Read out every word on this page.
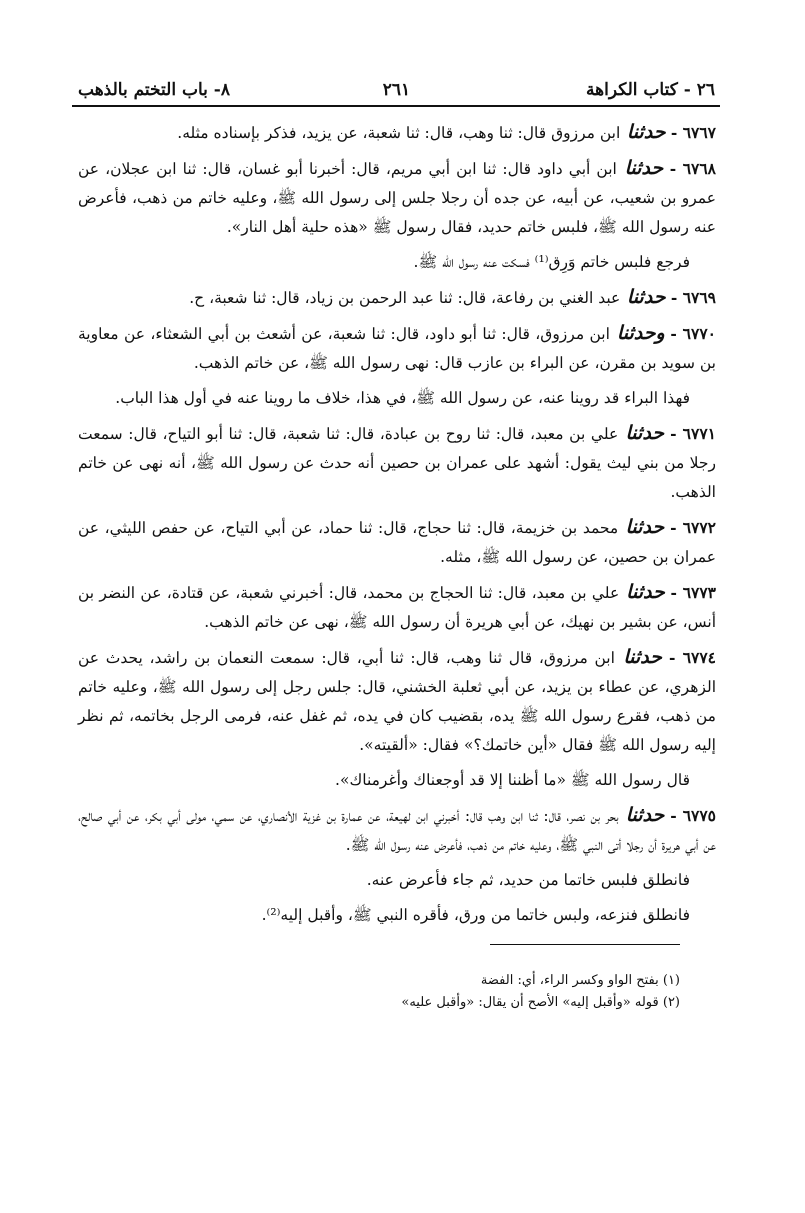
٢٦ - كتاب الكراهة
٢٦١
٨- باب التختم بالذهب

٦٧٦٧ - حدثنا ابن مرزوق قال: ثنا وهب، قال: ثنا شعبة، عن يزيد، فذكر بإسناده مثله.

٦٧٦٨ - حدثنا ابن أبي داود قال: ثنا ابن أبي مريم، قال: أخبرنا أبو غسان، قال: ثنا ابن عجلان، عن عمرو بن شعيب، عن أبيه، عن جده أن رجلا جلس إلى رسول الله ﷺ، وعليه خاتم من ذهب، فأعرض عنه رسول الله ﷺ، فلبس خاتم حديد، فقال رسول ﷺ «هذه حلية أهل النار».

فرجع فلبس خاتم وَرِق⁽¹⁾ فسكت عنه رسول الله ﷺ.

٦٧٦٩ - حدثنا عبد الغني بن رفاعة، قال: ثنا عبد الرحمن بن زياد، قال: ثنا شعبة، ح.

٦٧٧٠ - وحدثنا ابن مرزوق، قال: ثنا أبو داود، قال: ثنا شعبة، عن أشعث بن أبي الشعثاء، عن معاوية بن سويد بن مقرن، عن البراء بن عازب قال: نهى رسول الله ﷺ، عن خاتم الذهب.

فهذا البراء قد روينا عنه، عن رسول الله ﷺ، في هذا، خلاف ما روينا عنه في أول هذا الباب.

٦٧٧١ - حدثنا علي بن معبد، قال: ثنا روح بن عبادة، قال: ثنا شعبة، قال: ثنا أبو التياح، قال: سمعت رجلا من بني ليث يقول: أشهد على عمران بن حصين أنه حدث عن رسول الله ﷺ، أنه نهى عن خاتم الذهب.

٦٧٧٢ - حدثنا محمد بن خزيمة، قال: ثنا حجاج، قال: ثنا حماد، عن أبي التياح، عن حفص الليثي، عن عمران بن حصين، عن رسول الله ﷺ، مثله.

٦٧٧٣ - حدثنا علي بن معبد، قال: ثنا الحجاج بن محمد، قال: أخبرني شعبة، عن قتادة، عن النضر بن أنس، عن بشير بن نهيك، عن أبي هريرة أن رسول الله ﷺ، نهى عن خاتم الذهب.

٦٧٧٤ - حدثنا ابن مرزوق، قال ثنا وهب، قال: ثنا أبي، قال: سمعت النعمان بن راشد، يحدث عن الزهري، عن عطاء بن يزيد، عن أبي ثعلبة الخشني، قال: جلس رجل إلى رسول الله ﷺ، وعليه خاتم من ذهب، فقرع رسول الله ﷺ يده، بقضيب كان في يده، ثم غفل عنه، فرمى الرجل بخاتمه، ثم نظر إليه رسول الله ﷺ فقال «أين خاتمك؟» فقال: «ألقيته».

قال رسول الله ﷺ «ما أظننا إلا قد أوجعناك وأغرمناك».

٦٧٧٥ - حدثنا بحر بن نصر، قال: ثنا ابن وهب قال: أخبرني ابن لهيعة، عن عمارة بن غزية الأنصاري، عن سمي، مولى أبي بكر، عن أبي صالح، عن أبي هريرة أن رجلا أتى النبي ﷺ، وعليه خاتم من ذهب، فأعرض عنه رسول الله ﷺ.

فانطلق فلبس خاتما من حديد، ثم جاء فأعرض عنه.

فانطلق فنزعه، ولبس خاتما من ورق، فأقره النبي ﷺ، وأقبل إليه⁽²⁾.

(١) بفتح الواو وكسر الراء، أي: الفضة
(٢) قوله «وأقبل إليه» الأصح أن يقال: «وأقبل عليه»
